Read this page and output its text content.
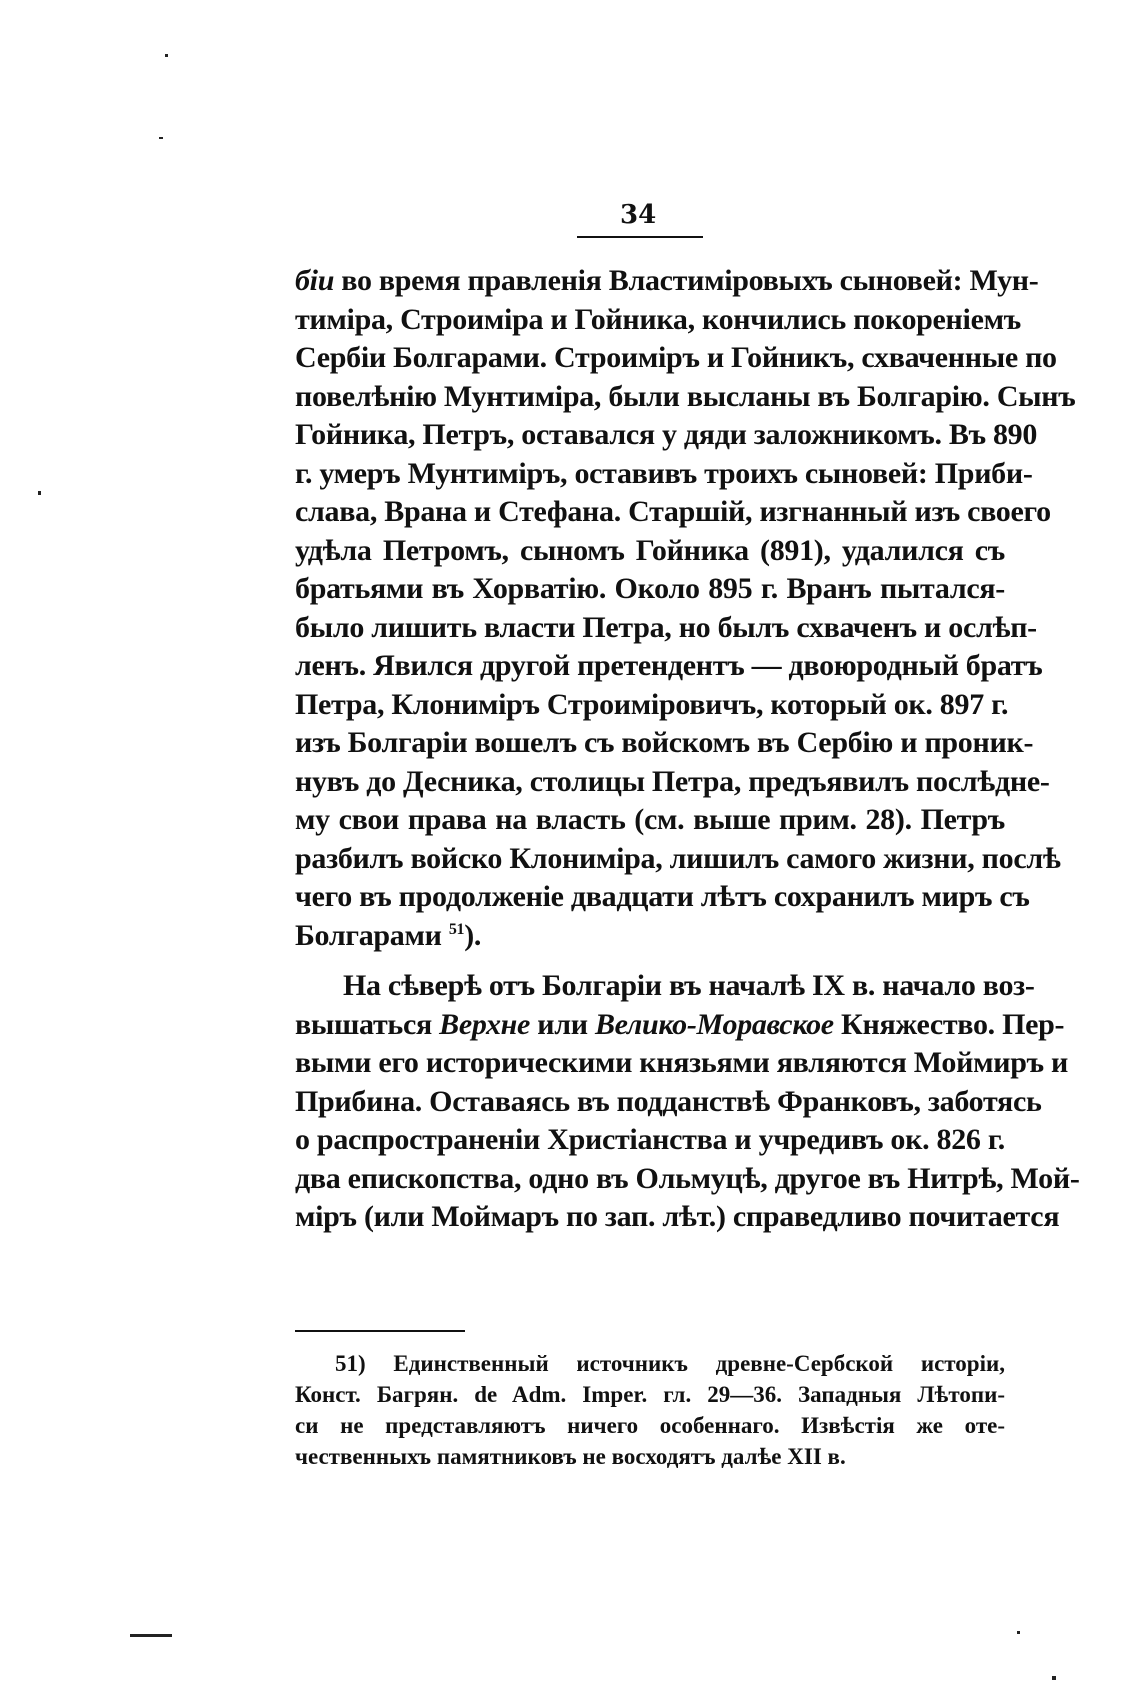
34
біи во время правленія Властиміровыхъ сыновей: Мун-
тиміра, Строиміра и Гойника, кончились покореніемъ
Сербіи Болгарами. Строиміръ и Гойникъ, схваченные по
повелѣнію Мунтиміра, были высланы въ Болгарію. Сынъ
Гойника, Петръ, оставался у дяди заложникомъ. Въ 890
г. умеръ Мунтиміръ, оставивъ троихъ сыновей: Приби-
слава, Врана и Стефана. Старшій, изгнанный изъ своего
удѣла Петромъ, сыномъ Гойника (891), удалился съ
братьями въ Хорватію. Около 895 г. Вранъ пытался-
было лишить власти Петра, но былъ схваченъ и ослѣп-
ленъ. Явился другой претендентъ — двоюродный братъ
Петра, Клониміръ Строиміровичъ, который ок. 897 г.
изъ Болгаріи вошелъ съ войскомъ въ Сербію и проник-
нувъ до Десника, столицы Петра, предъявилъ послѣдне-
му свои права на власть (см. выше прим. 28). Петръ
разбилъ войско Клониміра, лишилъ самого жизни, послѣ
чего въ продолженіе двадцати лѣтъ сохранилъ миръ съ
Болгарами $^{51}$).
На сѣверѣ отъ Болгаріи въ началѣ IX в. начало воз-
вышаться Верхне или Велико-Моравское Княжество. Пер-
выми его историческими князьями являются Моймиръ и
Прибина. Оставаясь въ подданствѣ Франковъ, заботясь
о распространеніи Христіанства и учредивъ ок. 826 г.
два епископства, одно въ Ольмуцѣ, другое въ Нитрѣ, Мой-
міръ (или Моймаръ по зап. лѣт.) справедливо почитается
51) Единственный источникъ древне-Сербской исторіи,
Конст. Багрян. de Adm. Imper. гл. 29—36. Западныя Лѣтопи-
си не представляютъ ничего особеннаго. Извѣстія же оте-
чественныхъ памятниковъ не восходятъ далѣе XII в.
